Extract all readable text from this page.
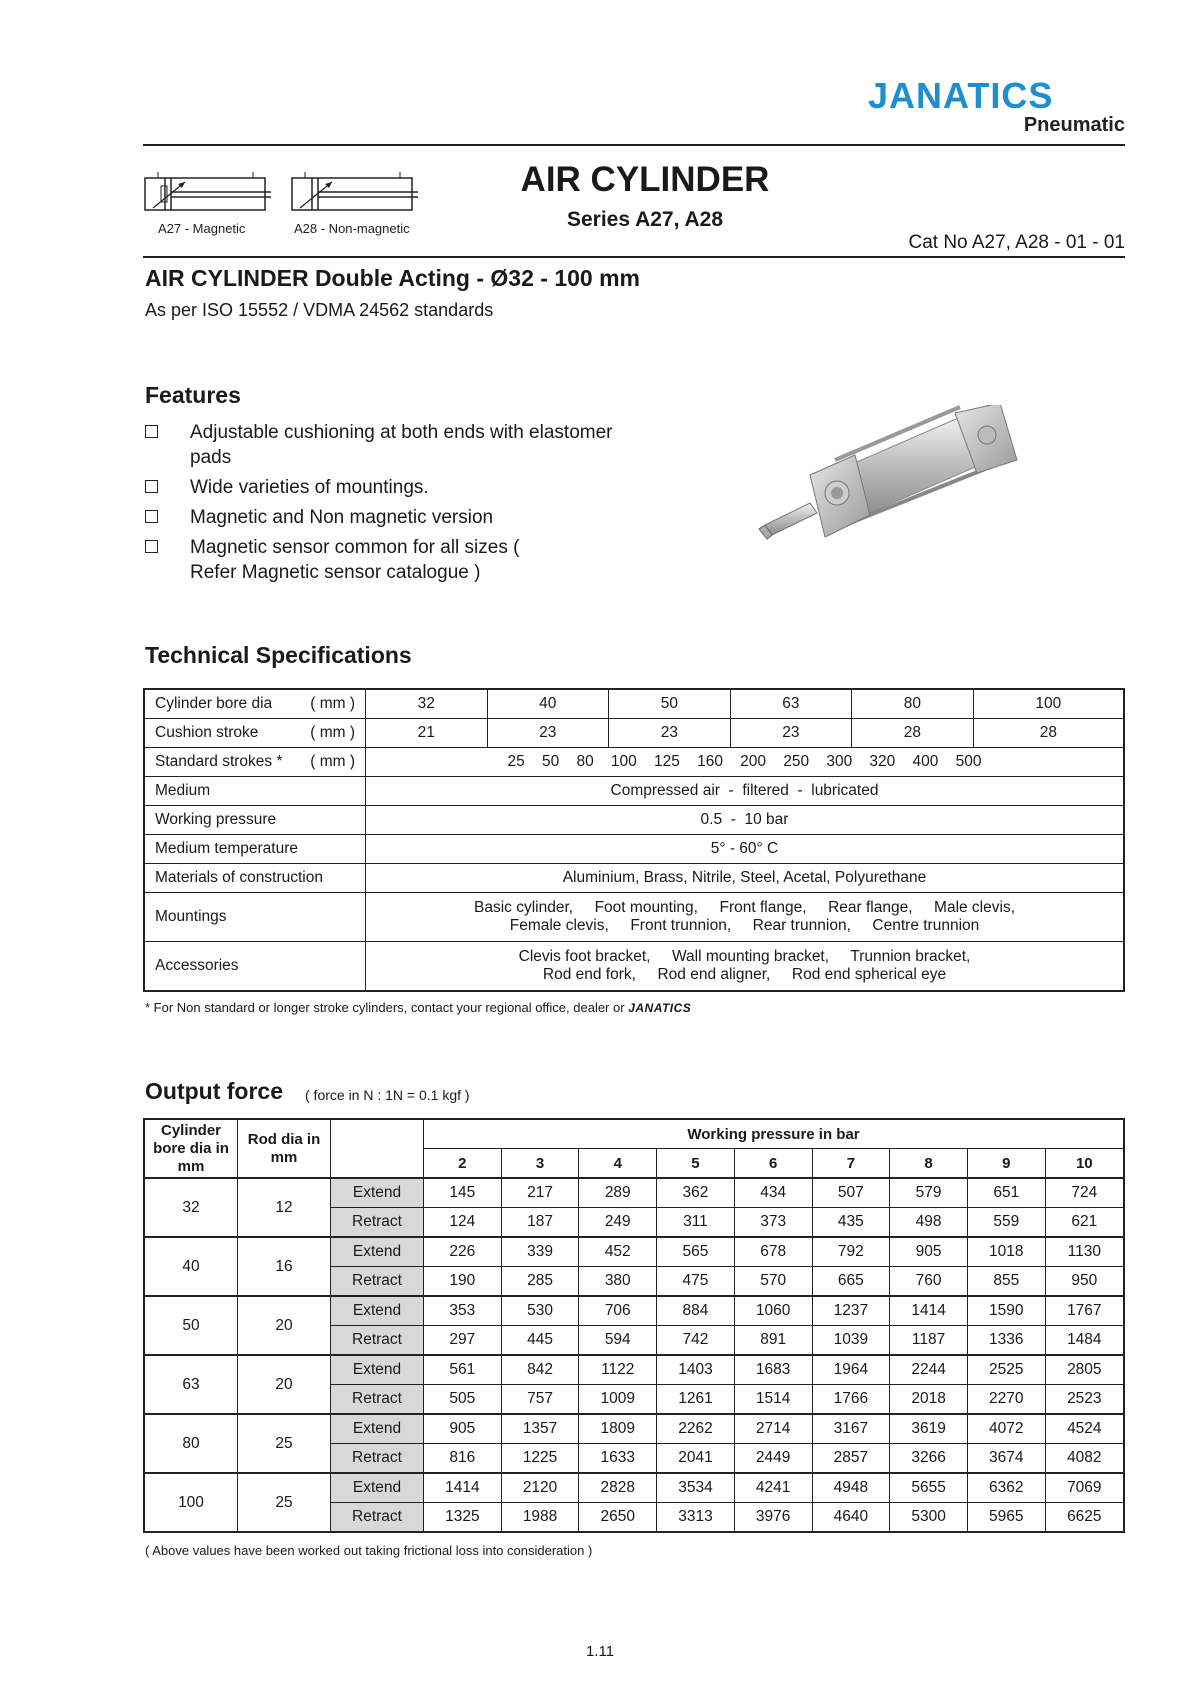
JANATICS
Pneumatic
A27 - Magnetic	A28 - Non-magnetic
AIR CYLINDER
Series A27, A28
Cat No A27, A28 - 01 - 01
AIR CYLINDER Double Acting - Ø32 - 100 mm
As per ISO 15552 / VDMA 24562 standards
Features
Adjustable cushioning at both ends with elastomer pads
Wide varieties of mountings.
Magnetic and Non magnetic version
Magnetic sensor common for all sizes ( Refer Magnetic sensor catalogue )
Technical Specifications
Cylinder bore dia ( mm )	32	40	50	63	80	100
Cushion stroke ( mm )	21	23	23	23	28	28
Standard strokes * ( mm )	25    50    80    100    125    160    200    250    300    320    400    500					
Medium	Compressed air  -  filtered  -  lubricated					
Working pressure	0.5  -  10 bar					
Medium temperature	5° - 60° C					
Materials of construction	Aluminium, Brass, Nitrile, Steel, Acetal, Polyurethane					
Mountings	Basic cylinder,     Foot mounting,     Front flange,     Rear flange,     Male clevis,
Female clevis,     Front trunnion,     Rear trunnion,     Centre trunnion					

Accessories	Clevis foot bracket,     Wall mounting bracket,     Trunnion bracket,
Rod end fork,     Rod end aligner,     Rod end spherical eye					
* For Non standard or longer stroke cylinders, contact your regional office, dealer or JANATICS
Output force ( force in N : 1N = 0.1 kgf )
Cylinder bore dia in mm	Rod dia in mm		Working pressure in bar								
			2	3	4	5	6	7	8	9	10
32	12	Extend	145	217	289	362	434	507	579	651	724
		Retract	124	187	249	311	373	435	498	559	621
40	16	Extend	226	339	452	565	678	792	905	1018	1130
		Retract	190	285	380	475	570	665	760	855	950
50	20	Extend	353	530	706	884	1060	1237	1414	1590	1767
		Retract	297	445	594	742	891	1039	1187	1336	1484
63	20	Extend	561	842	1122	1403	1683	1964	2244	2525	2805
		Retract	505	757	1009	1261	1514	1766	2018	2270	2523
80	25	Extend	905	1357	1809	2262	2714	3167	3619	4072	4524
		Retract	816	1225	1633	2041	2449	2857	3266	3674	4082
100	25	Extend	1414	2120	2828	3534	4241	4948	5655	6362	7069
		Retract	1325	1988	2650	3313	3976	4640	5300	5965	6625
( Above values have been worked out taking frictional loss into consideration )
1.11
